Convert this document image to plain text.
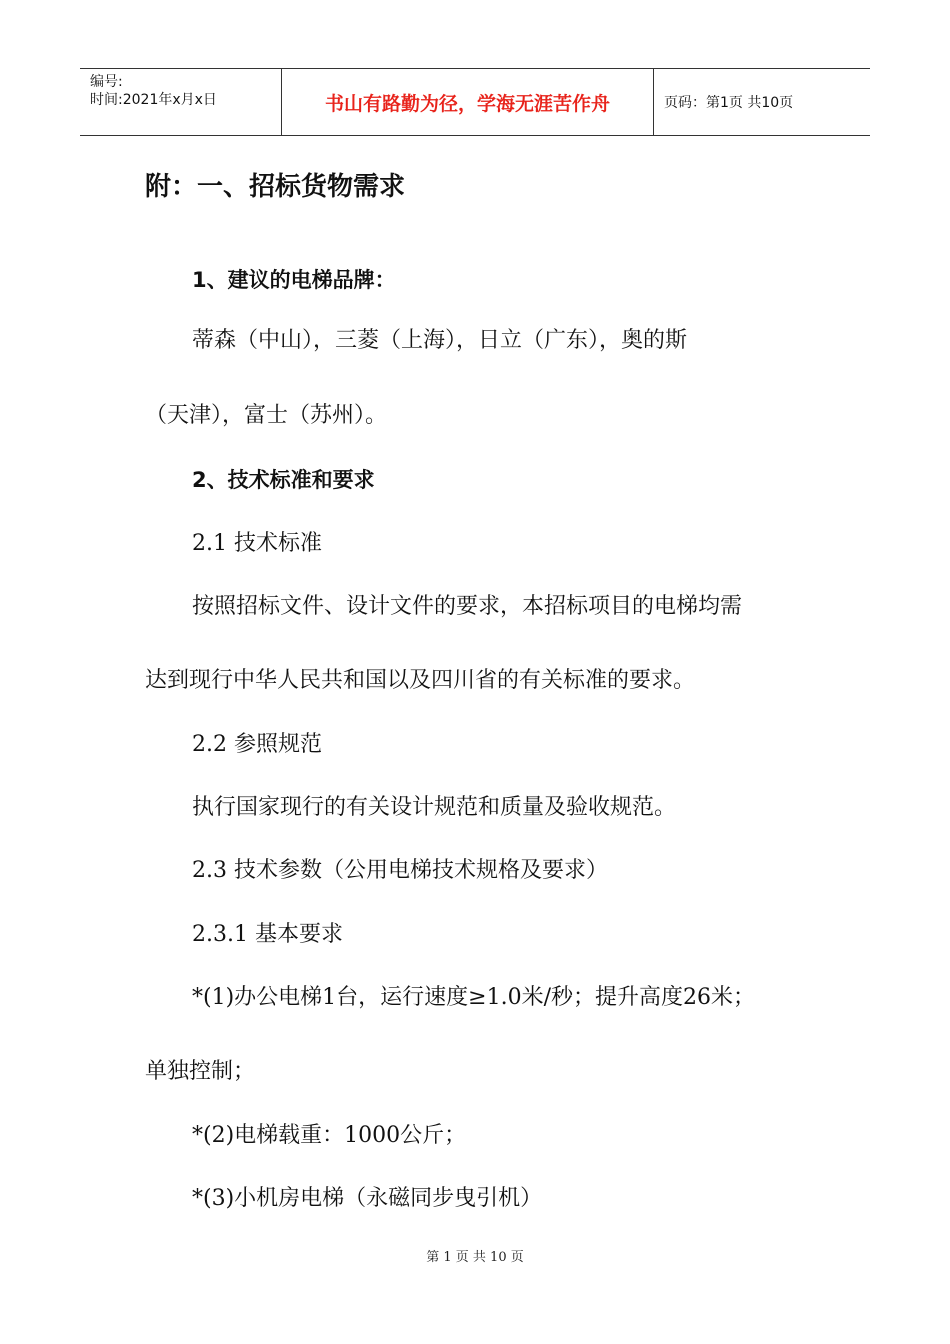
编号:
时间:2021年x月x日	书山有路勤为径，学海无涯苦作舟	页码：第1页 共10页
附：一、招标货物需求
1、建议的电梯品牌：
蒂森（中山），三菱（上海），日立（广东），奥的斯
（天津），富士（苏州）。
2、技术标准和要求
2.1 技术标准
按照招标文件、设计文件的要求，本招标项目的电梯均需
达到现行中华人民共和国以及四川省的有关标准的要求。
2.2 参照规范
执行国家现行的有关设计规范和质量及验收规范。
2.3 技术参数（公用电梯技术规格及要求）
2.3.1 基本要求
*(1)办公电梯1台，运行速度≥1.0米/秒；提升高度26米；
单独控制；
*(2)电梯载重：1000公斤；
*(3)小机房电梯（永磁同步曳引机）
第 1 页 共 10 页
